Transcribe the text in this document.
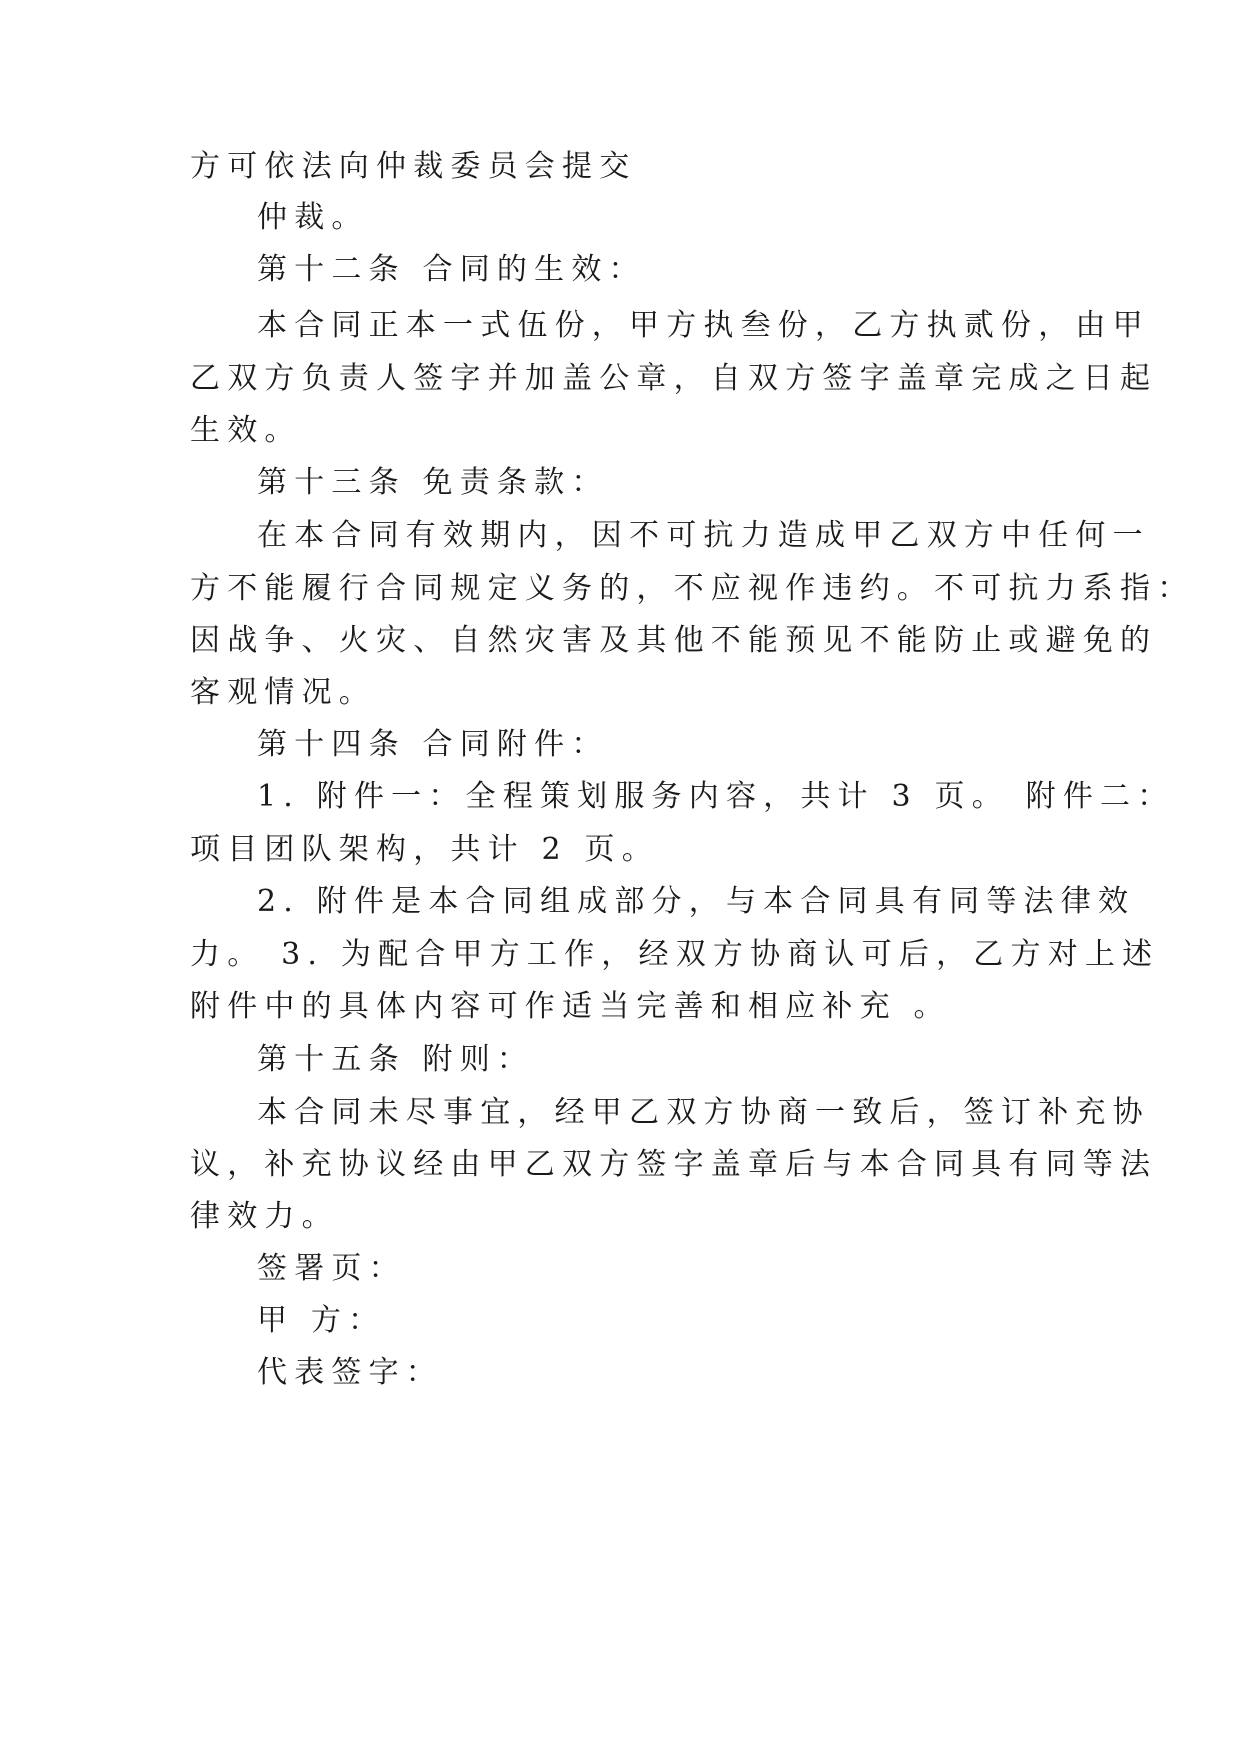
方可依法向仲裁委员会提交
仲裁。
第十二条 合同的生效：
本合同正本一式伍份，甲方执叁份，乙方执贰份，由甲
乙双方负责人签字并加盖公章，自双方签字盖章完成之日起
生效。
第十三条 免责条款：
在本合同有效期内，因不可抗力造成甲乙双方中任何一
方不能履行合同规定义务的，不应视作违约。不可抗力系指：
因战争、火灾、自然灾害及其他不能预见不能防止或避免的
客观情况。
第十四条 合同附件：
1. 附件一：全程策划服务内容，共计 3 页。 附件二：
项目团队架构，共计 2 页。
2. 附件是本合同组成部分，与本合同具有同等法律效
力。 3. 为配合甲方工作，经双方协商认可后，乙方对上述
附件中的具体内容可作适当完善和相应补充 。
第十五条 附则：
本合同未尽事宜，经甲乙双方协商一致后，签订补充协
议，补充协议经由甲乙双方签字盖章后与本合同具有同等法
律效力。
签署页：
甲 方：
代表签字：
